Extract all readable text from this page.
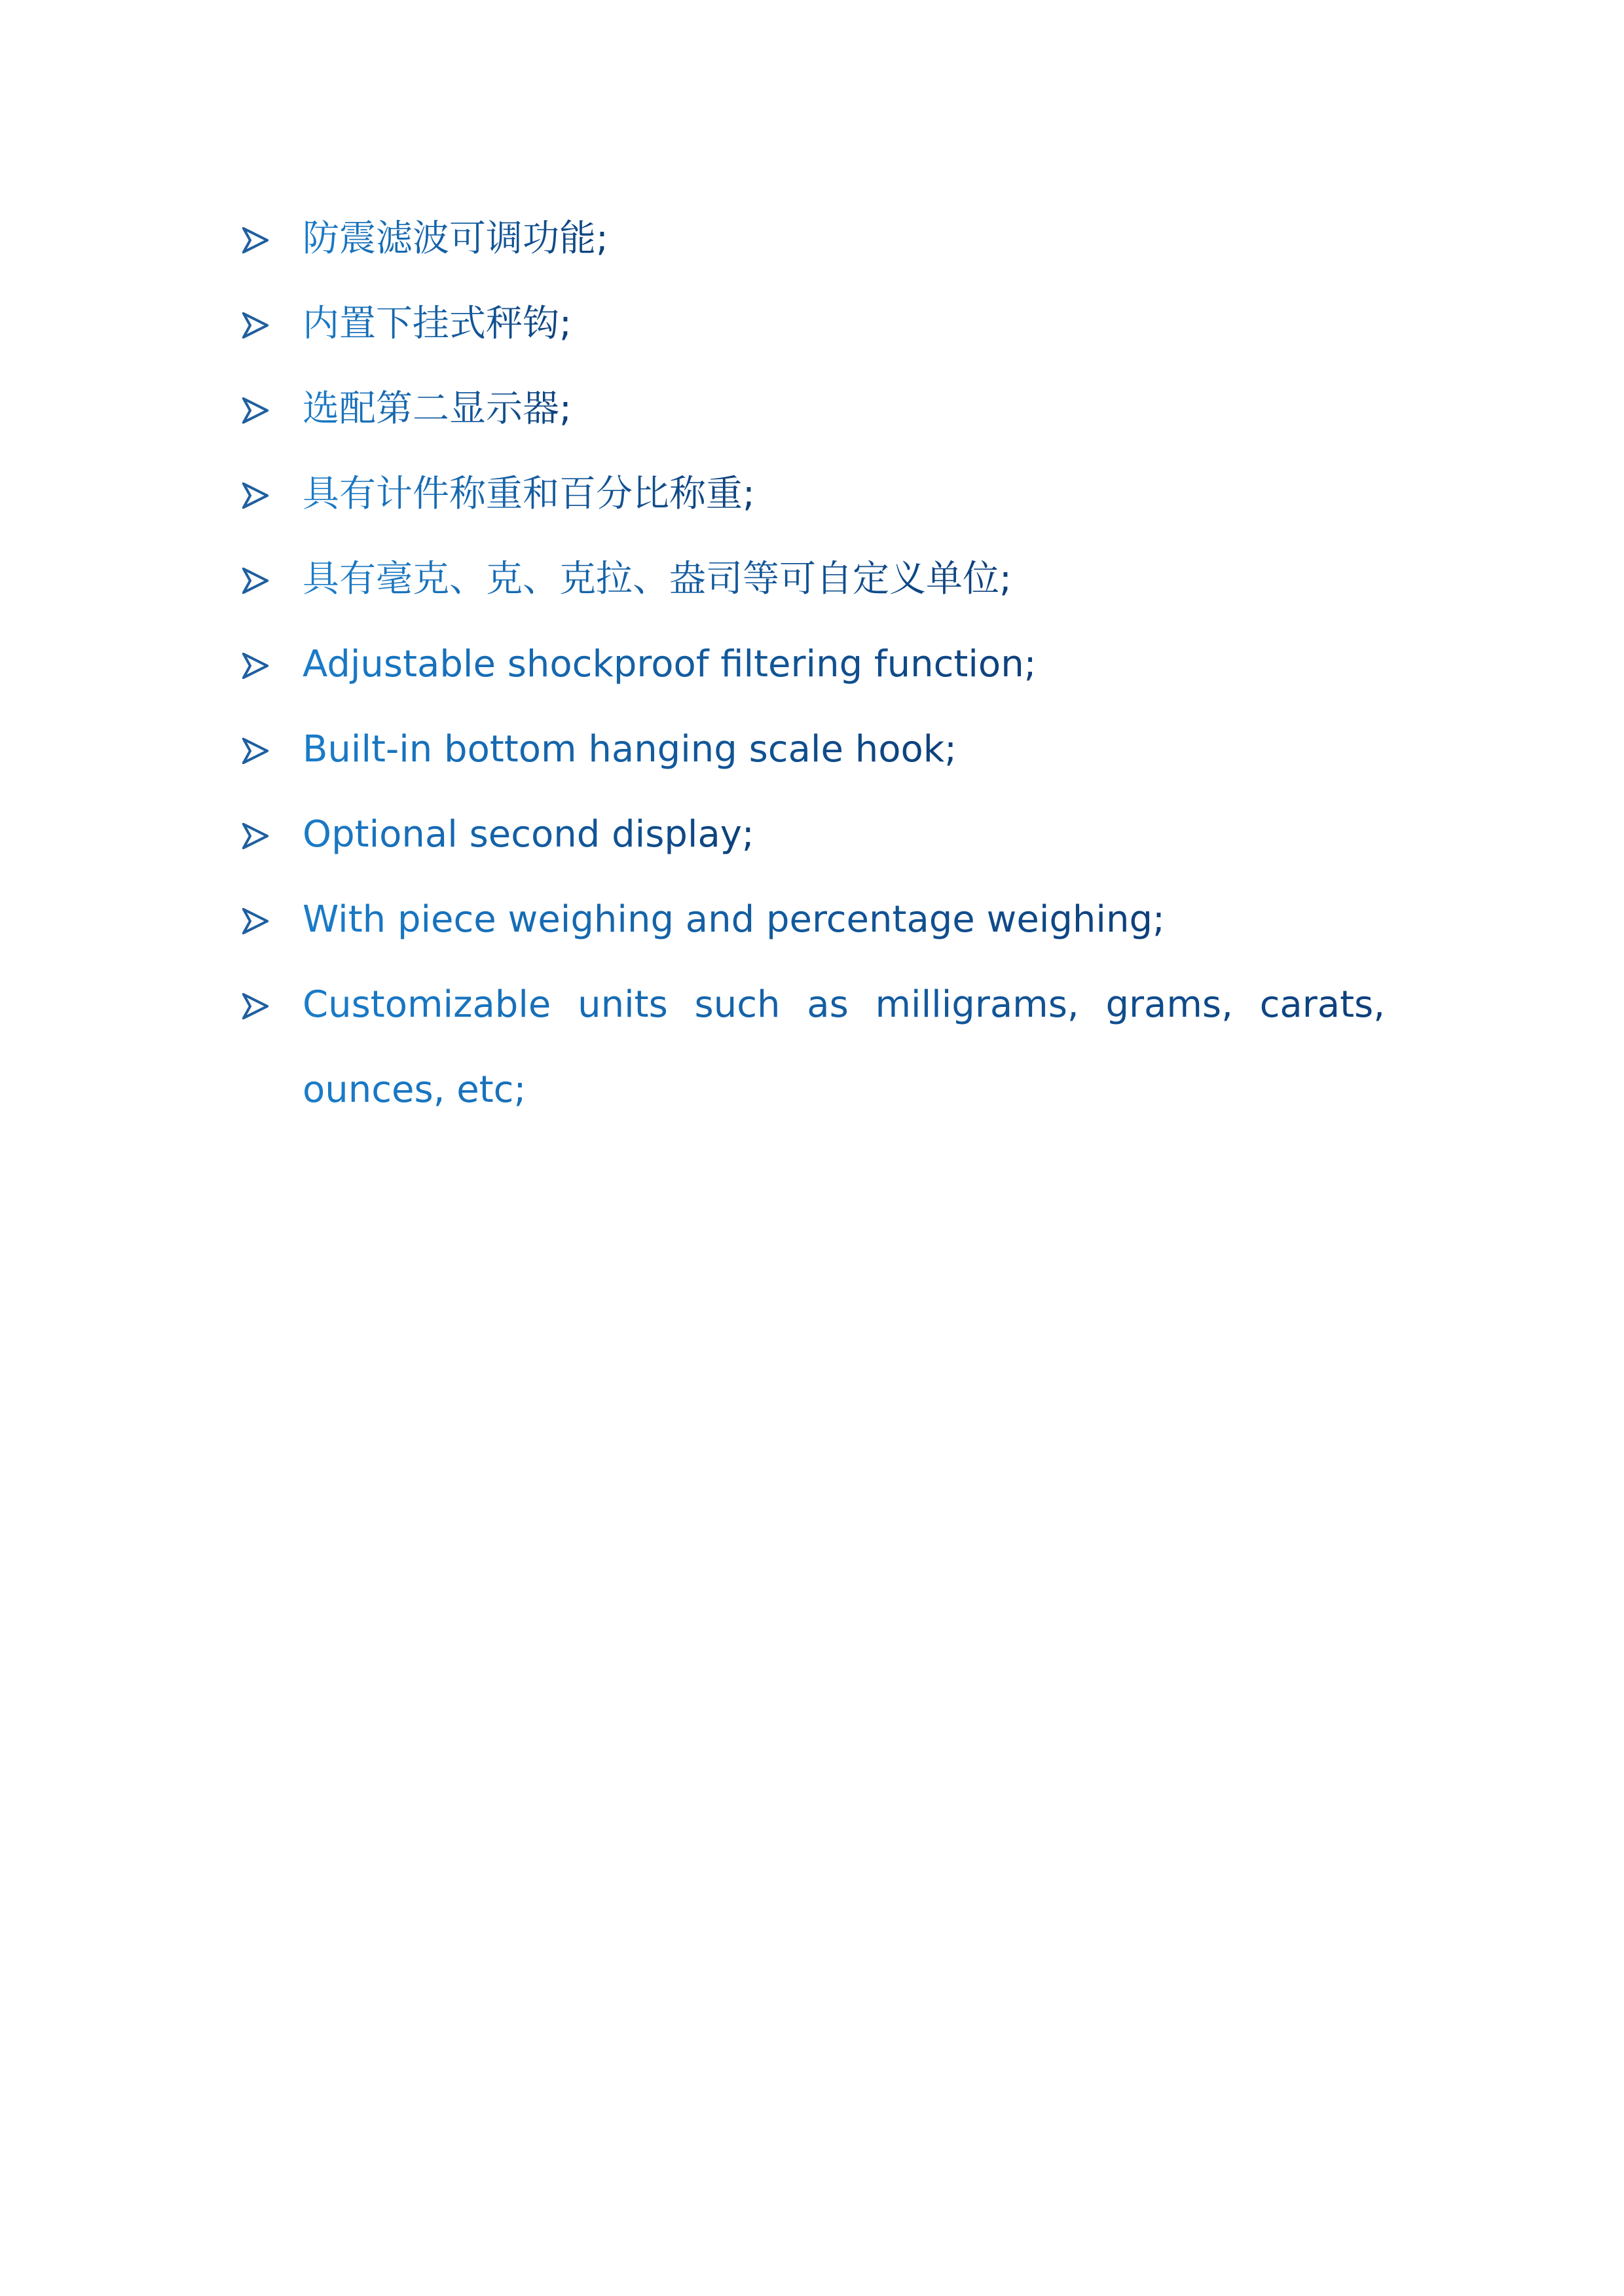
防震滤波可调功能;
内置下挂式秤钩;
选配第二显示器;
具有计件称重和百分比称重;
具有毫克、克、克拉、盎司等可自定义单位;
Adjustable shockproof filtering function;
Built-in bottom hanging scale hook;
Optional second display;
With piece weighing and percentage weighing;
Customizable units such as milligrams, grams, carats, ounces, etc;
